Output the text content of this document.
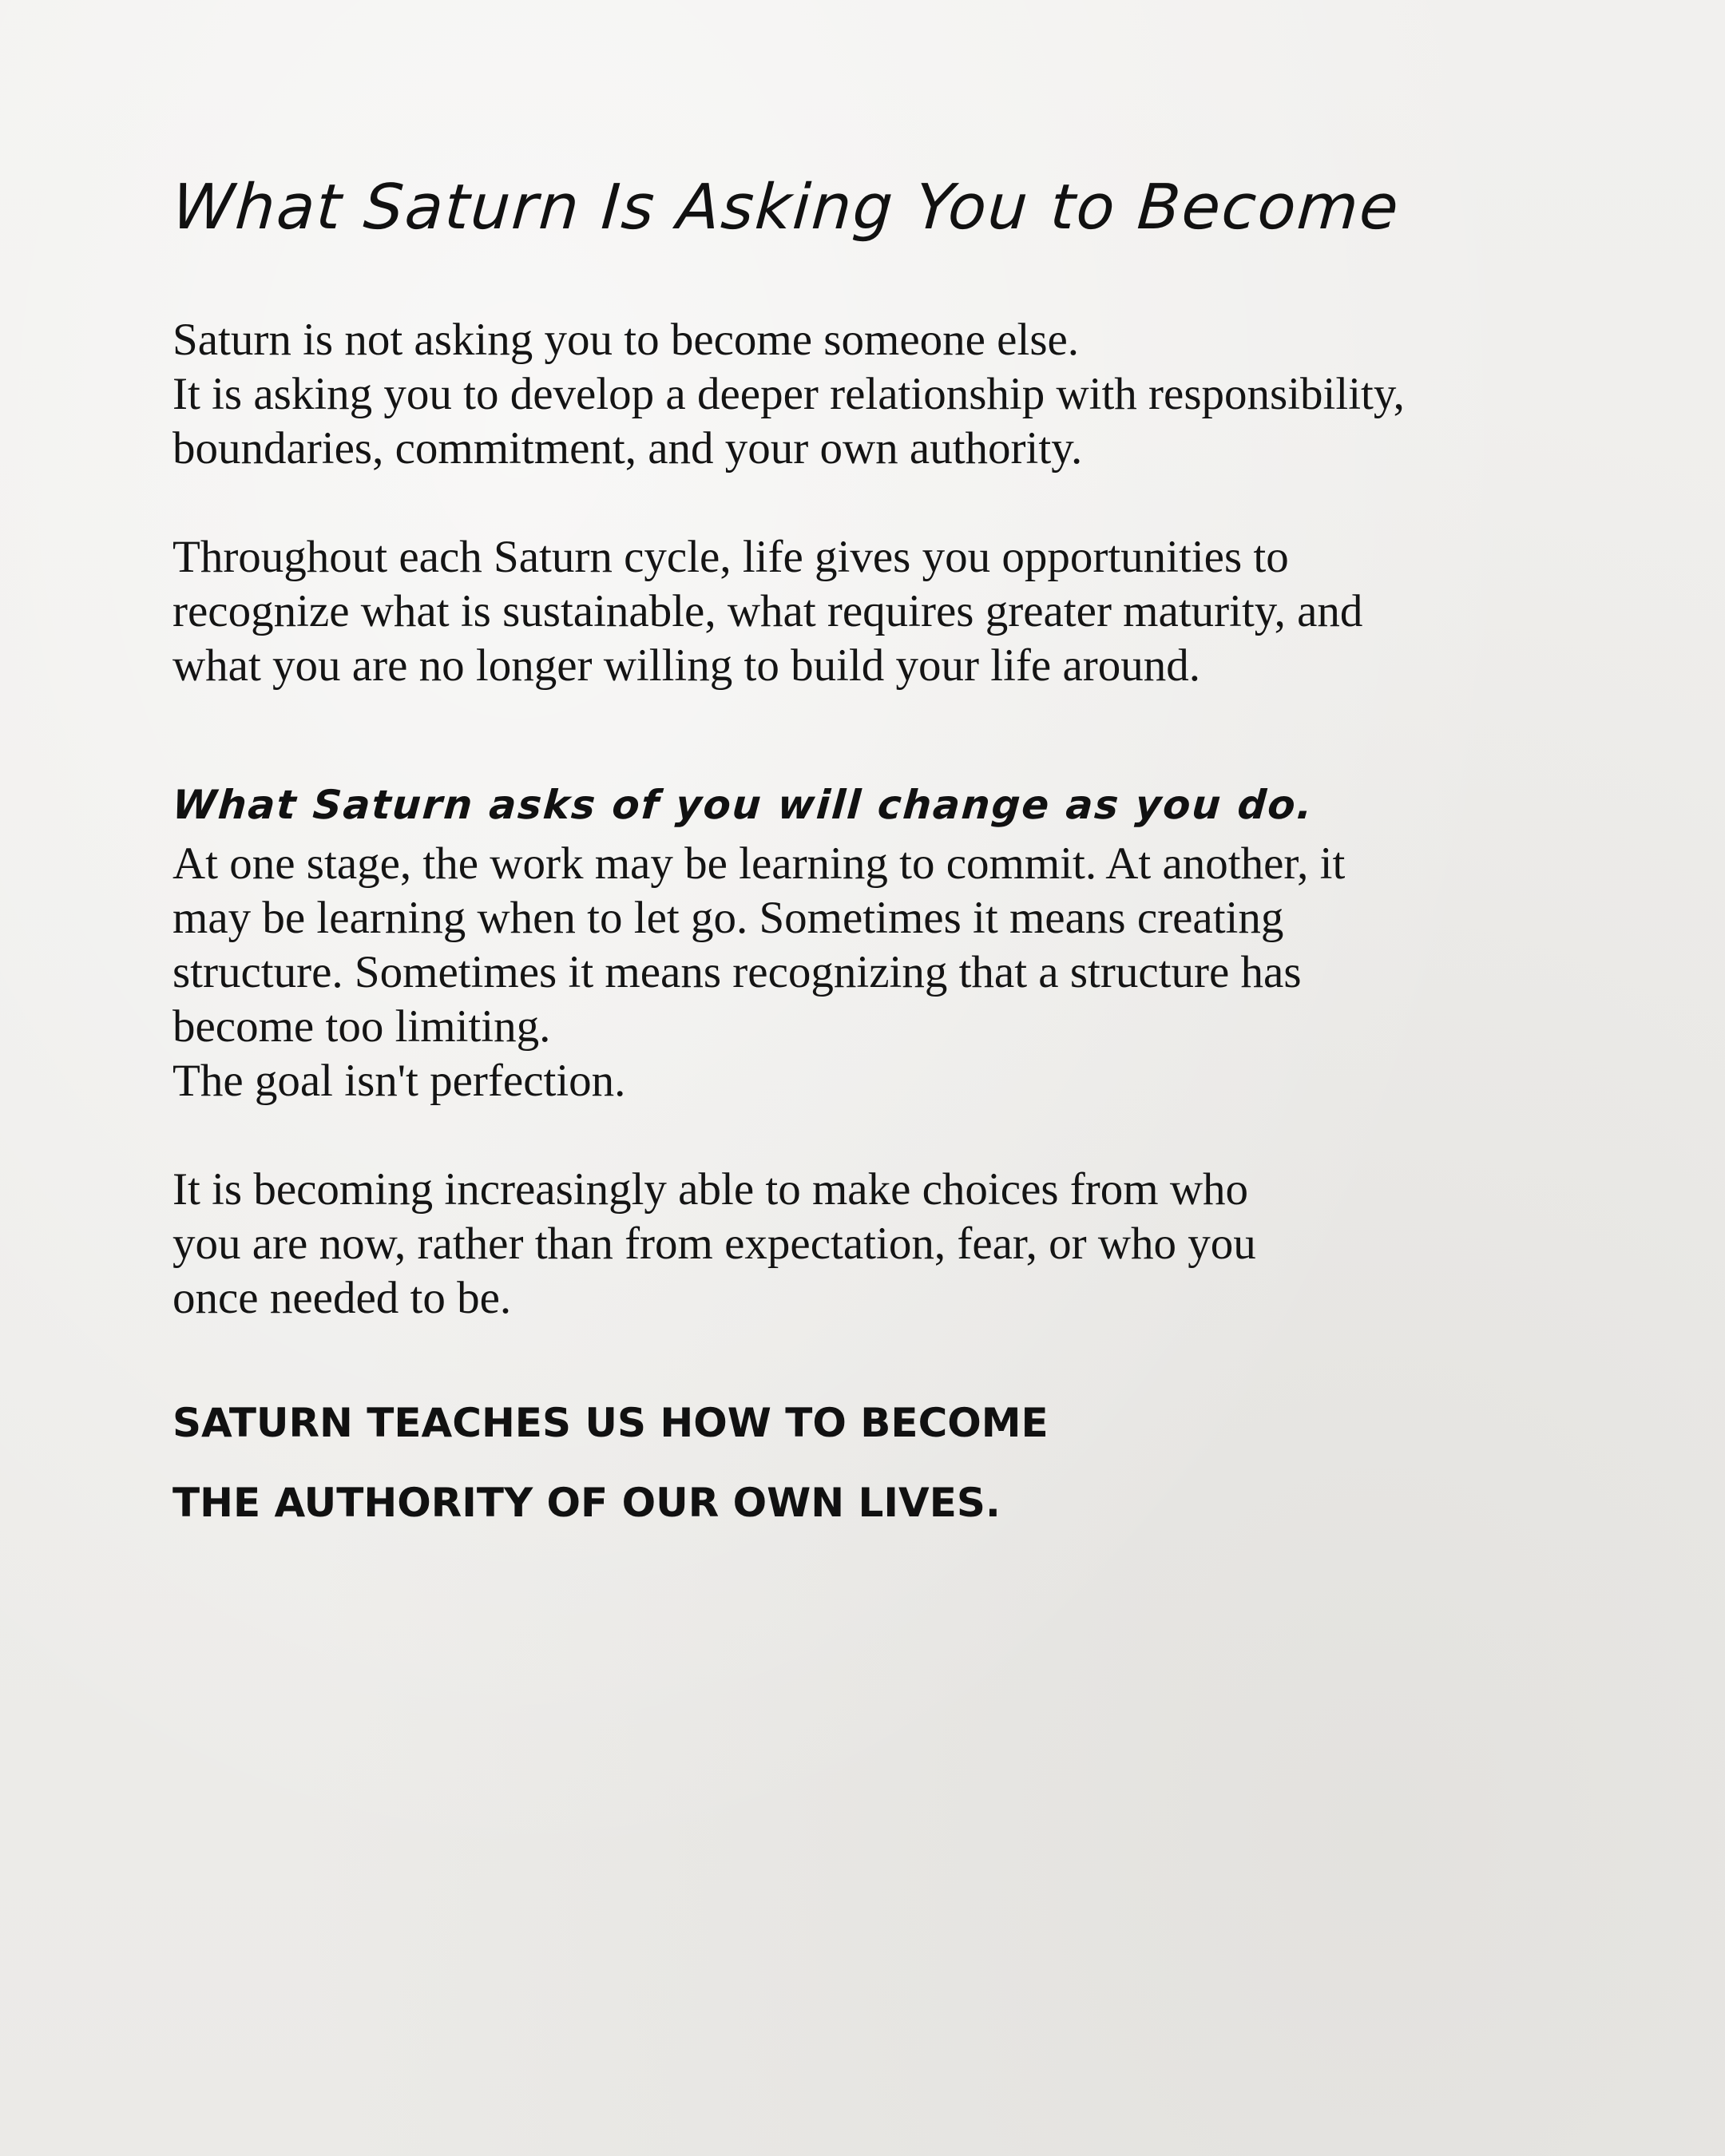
What Saturn Is Asking You to Become

Saturn is not asking you to become someone else.
It is asking you to develop a deeper relationship with responsibility,
boundaries, commitment, and your own authority.

Throughout each Saturn cycle, life gives you opportunities to
recognize what is sustainable, what requires greater maturity, and
what you are no longer willing to build your life around.

What Saturn asks of you will change as you do.

At one stage, the work may be learning to commit. At another, it
may be learning when to let go. Sometimes it means creating
structure. Sometimes it means recognizing that a structure has
become too limiting.
The goal isn't perfection.

It is becoming increasingly able to make choices from who
you are now, rather than from expectation, fear, or who you
once needed to be.

SATURN TEACHES US HOW TO BECOME
THE AUTHORITY OF OUR OWN LIVES.
